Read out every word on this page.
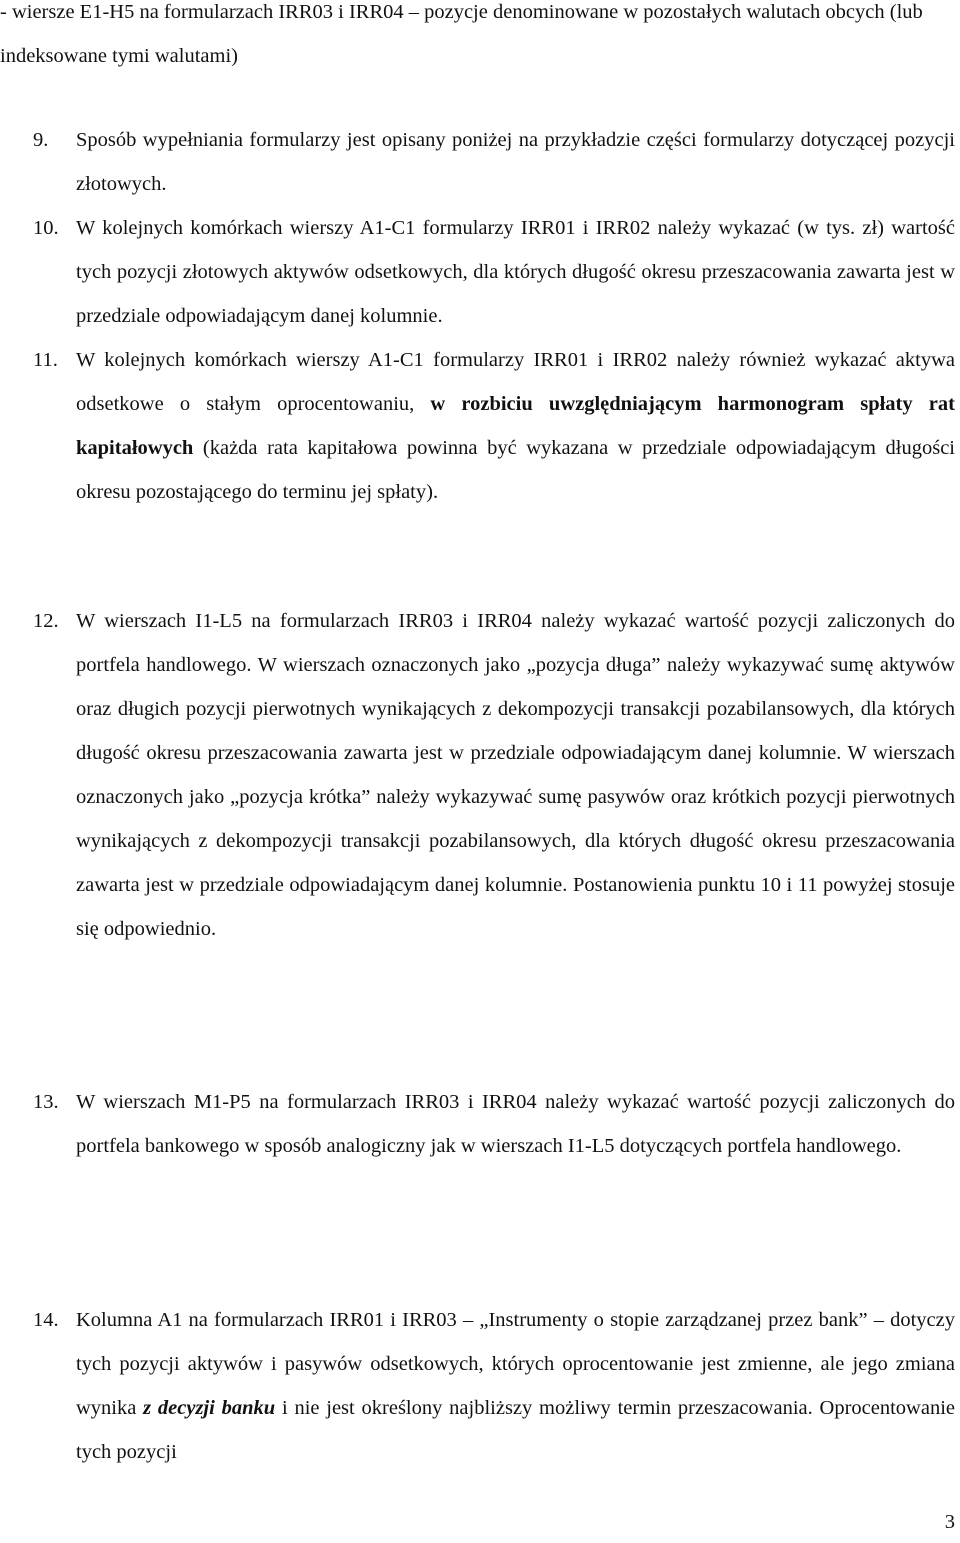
- wiersze E1-H5 na formularzach IRR03 i IRR04 – pozycje denominowane w pozostałych walutach obcych (lub indeksowane tymi walutami)

9.	Sposób wypełniania formularzy jest opisany poniżej na przykładzie części formularzy dotyczącej pozycji złotowych.

10. W kolejnych komórkach wierszy A1-C1 formularzy IRR01 i IRR02 należy wykazać (w tys. zł) wartość tych pozycji złotowych aktywów odsetkowych, dla których długość okresu przeszacowania zawarta jest w przedziale odpowiadającym danej kolumnie.

11. W kolejnych komórkach wierszy A1-C1 formularzy IRR01 i IRR02 należy również wykazać aktywa odsetkowe o stałym oprocentowaniu, w rozbiciu uwzględniającym harmonogram spłaty rat kapitałowych (każda rata kapitałowa powinna być wykazana w przedziale odpowiadającym długości okresu pozostającego do terminu jej spłaty).

12. W wierszach I1-L5 na formularzach IRR03 i IRR04 należy wykazać wartość pozycji zaliczonych do portfela handlowego. W wierszach oznaczonych jako „pozycja długa” należy wykazywać sumę aktywów oraz długich pozycji pierwotnych wynikających z dekompozycji transakcji pozabilansowych, dla których długość okresu przeszacowania zawarta jest w przedziale odpowiadającym danej kolumnie. W wierszach oznaczonych jako „pozycja krótka” należy wykazywać sumę pasywów oraz krótkich pozycji pierwotnych wynikających z dekompozycji transakcji pozabilansowych, dla których długość okresu przeszacowania zawarta jest w przedziale odpowiadającym danej kolumnie. Postanowienia punktu 10 i 11 powyżej stosuje się odpowiednio.

13. W wierszach M1-P5 na formularzach IRR03 i IRR04 należy wykazać wartość pozycji zaliczonych do portfela bankowego w sposób analogiczny jak w wierszach I1-L5 dotyczących portfela handlowego.

14. Kolumna A1 na formularzach IRR01 i IRR03 – „Instrumenty o stopie zarządzanej przez bank” – dotyczy tych pozycji aktywów i pasywów odsetkowych, których oprocentowanie jest zmienne, ale jego zmiana wynika z decyzji banku i nie jest określony najbliższy możliwy termin przeszacowania. Oprocentowanie tych pozycji

3
